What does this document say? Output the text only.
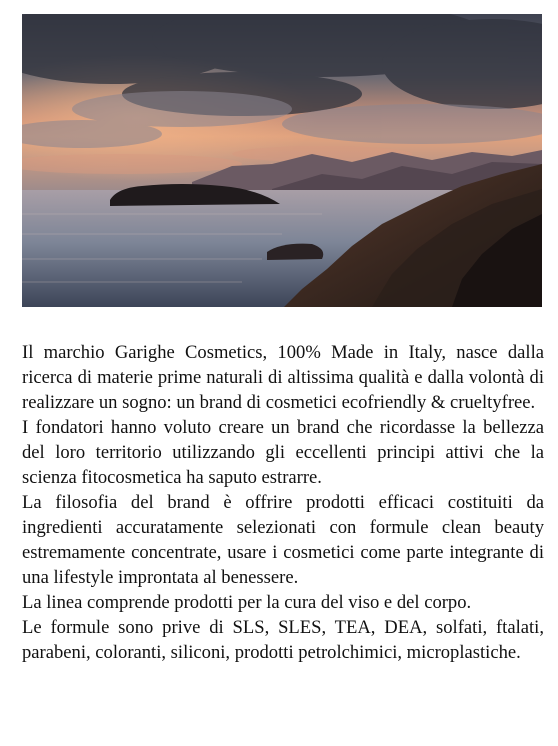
Il marchio Garighe Cosmetics, 100% Made in Italy, nasce dalla ricerca di materie prime naturali di altissima qualità e dalla volontà di realizzare un sogno: un brand di cosmetici ecofriendly & crueltyfree.

I fondatori hanno voluto creare un brand che ricordasse la bellezza del loro territorio utilizzando gli eccellenti principi attivi che la scienza fitocosmetica ha saputo estrarre.

La filosofia del brand è offrire prodotti efficaci costituiti da ingredienti accuratamente selezionati con formule clean beauty estremamente concentrate, usare i cosmetici come parte integrante di una lifestyle improntata al benessere.

La linea comprende prodotti per la cura del viso e del corpo.

Le formule sono prive di SLS, SLES, TEA, DEA, solfati, ftalati, parabeni, coloranti, siliconi, prodotti petrolchimici, microplastiche.
